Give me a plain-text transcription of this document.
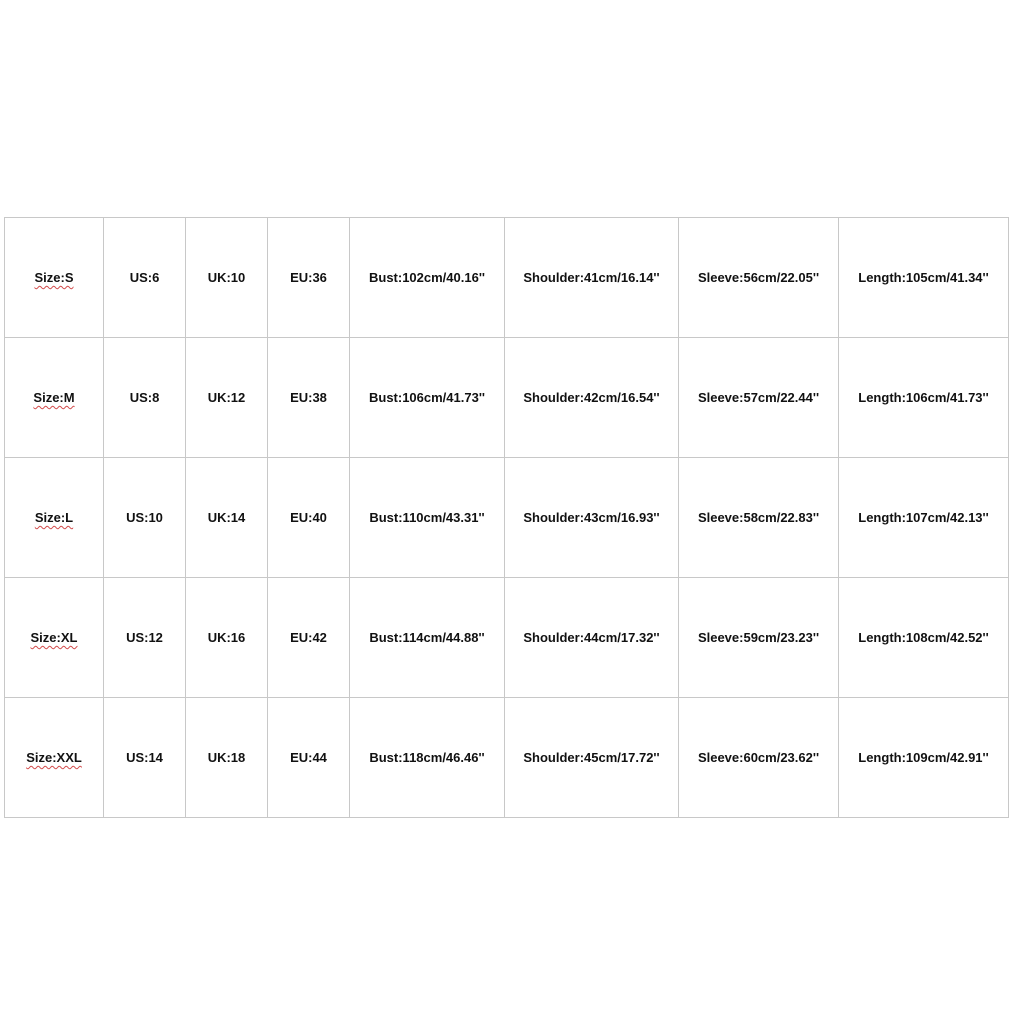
Size:S	US:6	UK:10	EU:36	Bust:102cm/40.16''	Shoulder:41cm/16.14''	Sleeve:56cm/22.05''	Length:105cm/41.34''
Size:M	US:8	UK:12	EU:38	Bust:106cm/41.73''	Shoulder:42cm/16.54''	Sleeve:57cm/22.44''	Length:106cm/41.73''
Size:L	US:10	UK:14	EU:40	Bust:110cm/43.31''	Shoulder:43cm/16.93''	Sleeve:58cm/22.83''	Length:107cm/42.13''
Size:XL	US:12	UK:16	EU:42	Bust:114cm/44.88''	Shoulder:44cm/17.32''	Sleeve:59cm/23.23''	Length:108cm/42.52''
Size:XXL	US:14	UK:18	EU:44	Bust:118cm/46.46''	Shoulder:45cm/17.72''	Sleeve:60cm/23.62''	Length:109cm/42.91''
